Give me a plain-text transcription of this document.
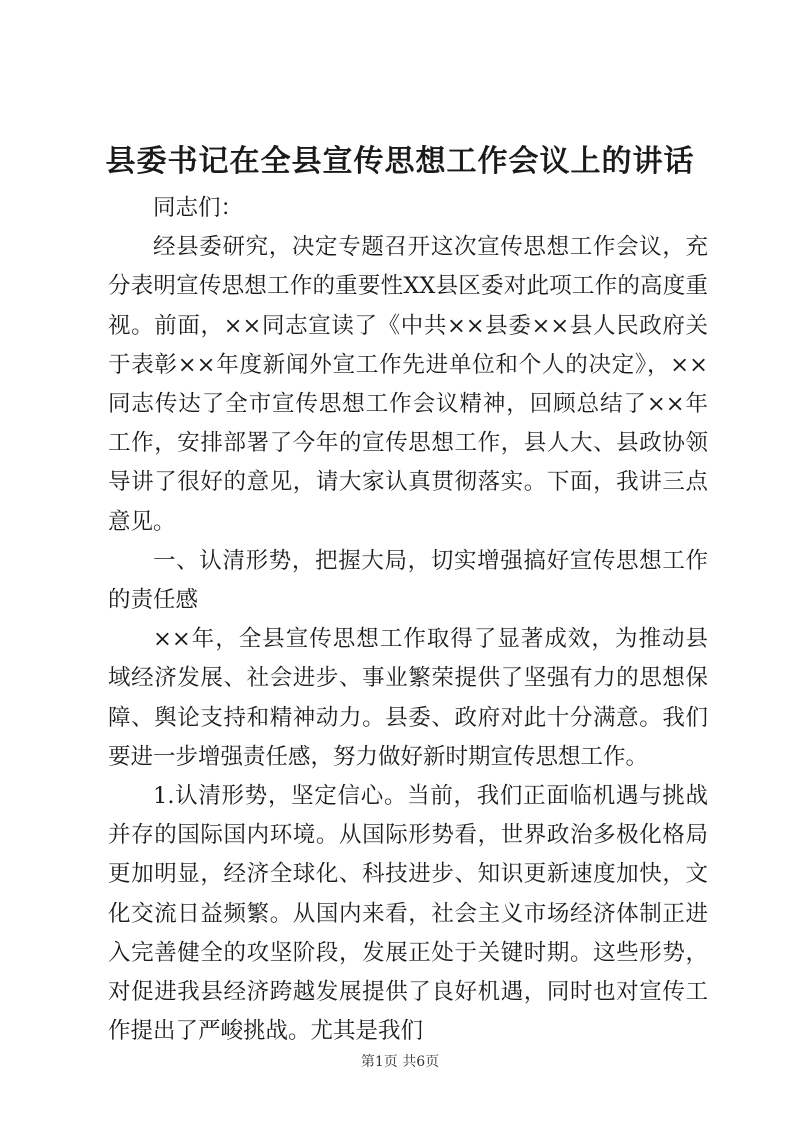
县委书记在全县宣传思想工作会议上的讲话

同志们：

经县委研究，决定专题召开这次宣传思想工作会议，充分表明宣传思想工作的重要性XX县区委对此项工作的高度重视。前面，××同志宣读了《中共××县委××县人民政府关于表彰××年度新闻外宣工作先进单位和个人的决定》，××同志传达了全市宣传思想工作会议精神，回顾总结了××年工作，安排部署了今年的宣传思想工作，县人大、县政协领导讲了很好的意见，请大家认真贯彻落实。下面，我讲三点意见。

一、认清形势，把握大局，切实增强搞好宣传思想工作的责任感

××年，全县宣传思想工作取得了显著成效，为推动县域经济发展、社会进步、事业繁荣提供了坚强有力的思想保障、舆论支持和精神动力。县委、政府对此十分满意。我们要进一步增强责任感，努力做好新时期宣传思想工作。

1.认清形势，坚定信心。当前，我们正面临机遇与挑战并存的国际国内环境。从国际形势看，世界政治多极化格局更加明显，经济全球化、科技进步、知识更新速度加快，文化交流日益频繁。从国内来看，社会主义市场经济体制正进入完善健全的攻坚阶段，发展正处于关键时期。这些形势，对促进我县经济跨越发展提供了良好机遇，同时也对宣传工作提出了严峻挑战。尤其是我们

第1页 共6页
